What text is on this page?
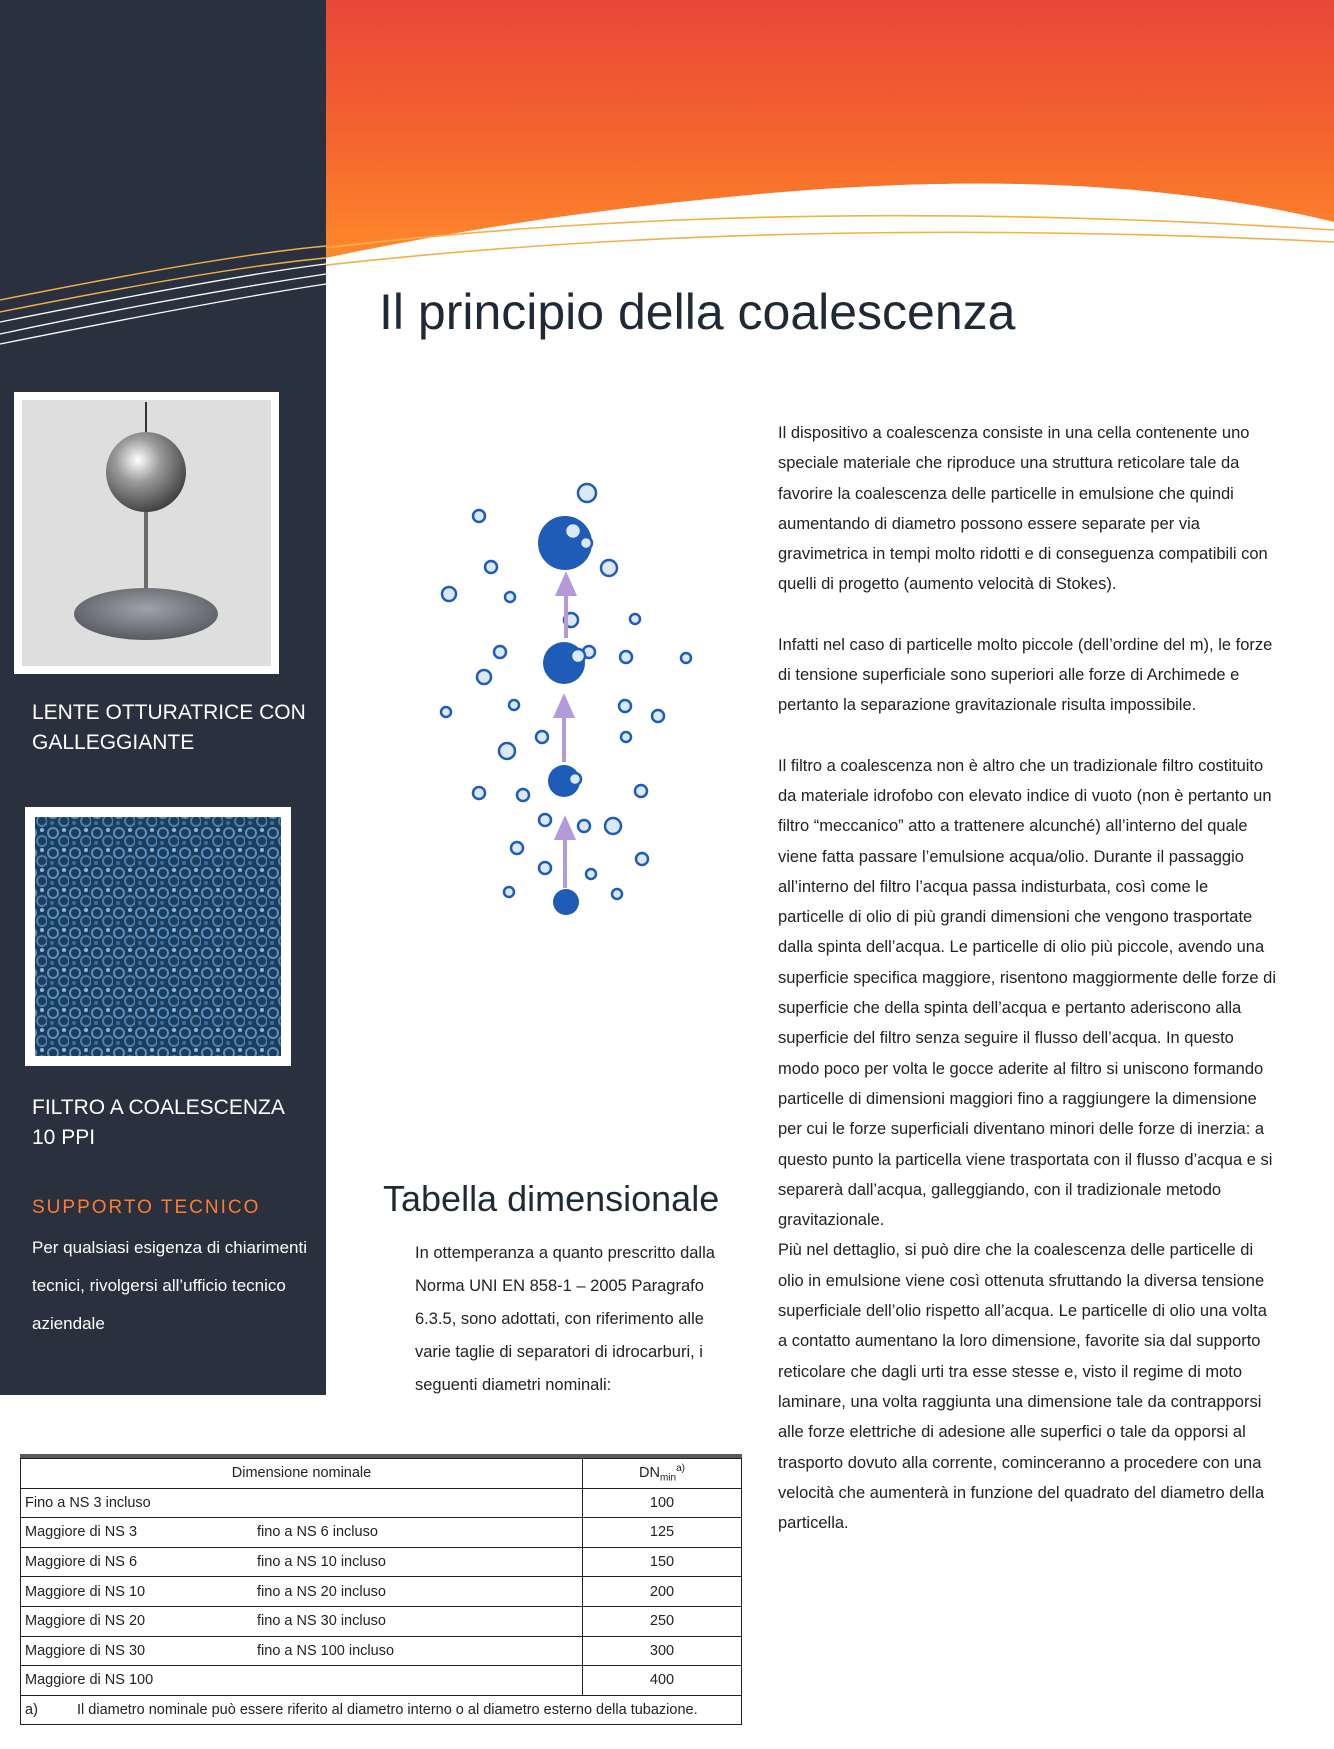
Il principio della coalescenza

LENTE OTTURATRICE CON GALLEGGIANTE

FILTRO A COALESCENZA 10 PPI

SUPPORTO TECNICO

Per qualsiasi esigenza di chiarimenti tecnici, rivolgersi all’ufficio tecnico aziendale

Il dispositivo a coalescenza consiste in una cella contenente uno speciale materiale che riproduce una struttura reticolare tale da favorire la coalescenza delle particelle in emulsione che quindi aumentando di diametro possono essere separate per via gravimetrica in tempi molto ridotti e di conseguenza compatibili con quelli di progetto (aumento velocità di Stokes).

Infatti nel caso di particelle molto piccole (dell’ordine del m), le forze di tensione superficiale sono superiori alle forze di Archimede e pertanto la separazione gravitazionale risulta impossibile.

Il filtro a coalescenza non è altro che un tradizionale filtro costituito da materiale idrofobo con elevato indice di vuoto (non è pertanto un filtro “meccanico” atto a trattenere alcunché) all’interno del quale viene fatta passare l’emulsione acqua/olio. Durante il passaggio all’interno del filtro l’acqua passa indisturbata, così come le particelle di olio di più grandi dimensioni che vengono trasportate dalla spinta dell’acqua. Le particelle di olio più piccole, avendo una superficie specifica maggiore, risentono maggiormente delle forze di superficie che della spinta dell’acqua e pertanto aderiscono alla superficie del filtro senza seguire il flusso dell’acqua. In questo modo poco per volta le gocce aderite al filtro si uniscono formando particelle di dimensioni maggiori fino a raggiungere la dimensione per cui le forze superficiali diventano minori delle forze di inerzia: a questo punto la particella viene trasportata con il flusso d’acqua e si separerà dall’acqua, galleggiando, con il tradizionale metodo gravitazionale.

Più nel dettaglio, si può dire che la coalescenza delle particelle di olio in emulsione viene così ottenuta sfruttando la diversa tensione superficiale dell’olio rispetto all’acqua. Le particelle di olio una volta a contatto aumentano la loro dimensione, favorite sia dal supporto reticolare che dagli urti tra esse stesse e, visto il regime di moto laminare, una volta raggiunta una dimensione tale da contrapporsi alle forze elettriche di adesione alle superfici o tale da opporsi al trasporto dovuto alla corrente, cominceranno a procedere con una velocità che aumenterà in funzione del quadrato del diametro della particella.

Tabella dimensionale

In ottemperanza a quanto prescritto dalla Norma UNI EN 858-1 – 2005 Paragrafo 6.3.5, sono adottati, con riferimento alle varie taglie di separatori di idrocarburi, i seguenti diametri nominali:

Dimensione nominale	$DN_{min}^{a)}$
Fino a NS 3 incluso	100
Maggiore di NS 3 fino a NS 6 incluso	125
Maggiore di NS 6 fino a NS 10 incluso	150
Maggiore di NS 10 fino a NS 20 incluso	200
Maggiore di NS 20 fino a NS 30 incluso	250
Maggiore di NS 30 fino a NS 100 incluso	300
Maggiore di NS 100	400
a) Il diametro nominale può essere riferito al diametro interno o al diametro esterno della tubazione.	
